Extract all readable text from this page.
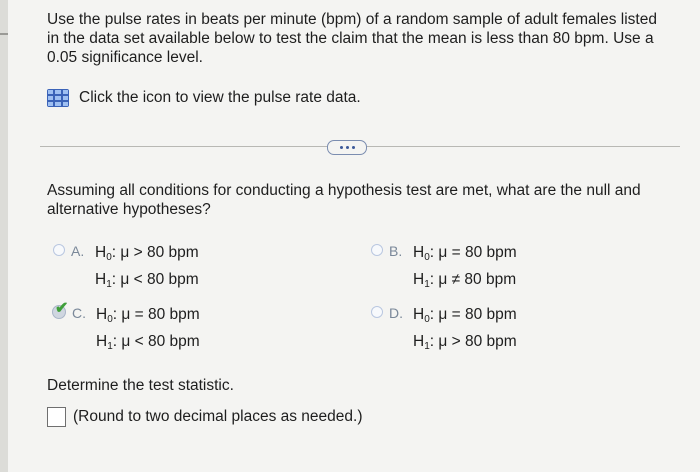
Use the pulse rates in beats per minute (bpm) of a random sample of adult females listed in the data set available below to test the claim that the mean is less than 80 bpm. Use a 0.05 significance level.
Click the icon to view the pulse rate data.
Assuming all conditions for conducting a hypothesis test are met, what are the null and alternative hypotheses?
A. $H_0$: μ > 80 bpm
$H_1$: μ < 80 bpm
B. $H_0$: μ = 80 bpm
$H_1$: μ ≠ 80 bpm
✔ C. $H_0$: μ = 80 bpm
$H_1$: μ < 80 bpm
D. $H_0$: μ = 80 bpm
$H_1$: μ > 80 bpm
Determine the test statistic.
(Round to two decimal places as needed.)
